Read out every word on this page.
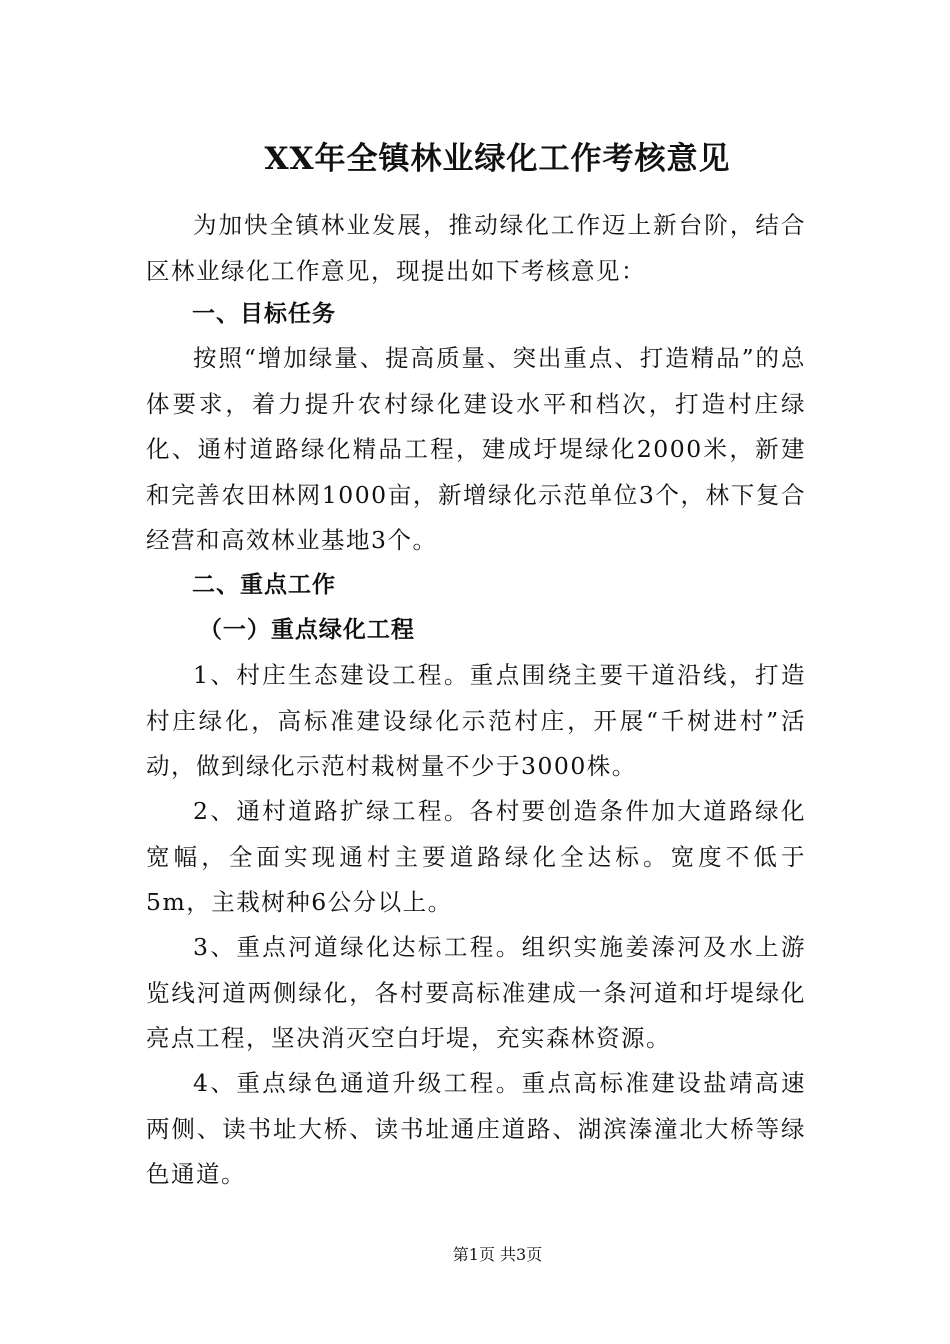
XX年全镇林业绿化工作考核意见

为加快全镇林业发展，推动绿化工作迈上新台阶，结合区林业绿化工作意见，现提出如下考核意见：

一、目标任务

按照“增加绿量、提高质量、突出重点、打造精品”的总体要求，着力提升农村绿化建设水平和档次，打造村庄绿化、通村道路绿化精品工程，建成圩堤绿化2000米，新建和完善农田林网1000亩，新增绿化示范单位3个，林下复合经营和高效林业基地3个。

二、重点工作

（一）重点绿化工程

1、村庄生态建设工程。重点围绕主要干道沿线，打造村庄绿化，高标准建设绿化示范村庄，开展“千树进村”活动，做到绿化示范村栽树量不少于3000株。

2、通村道路扩绿工程。各村要创造条件加大道路绿化宽幅，全面实现通村主要道路绿化全达标。宽度不低于5m，主栽树种6公分以上。

3、重点河道绿化达标工程。组织实施姜溱河及水上游览线河道两侧绿化，各村要高标准建成一条河道和圩堤绿化亮点工程，坚决消灭空白圩堤，充实森林资源。

4、重点绿色通道升级工程。重点高标准建设盐靖高速两侧、读书址大桥、读书址通庄道路、湖滨溱潼北大桥等绿色通道。

第1页 共3页
